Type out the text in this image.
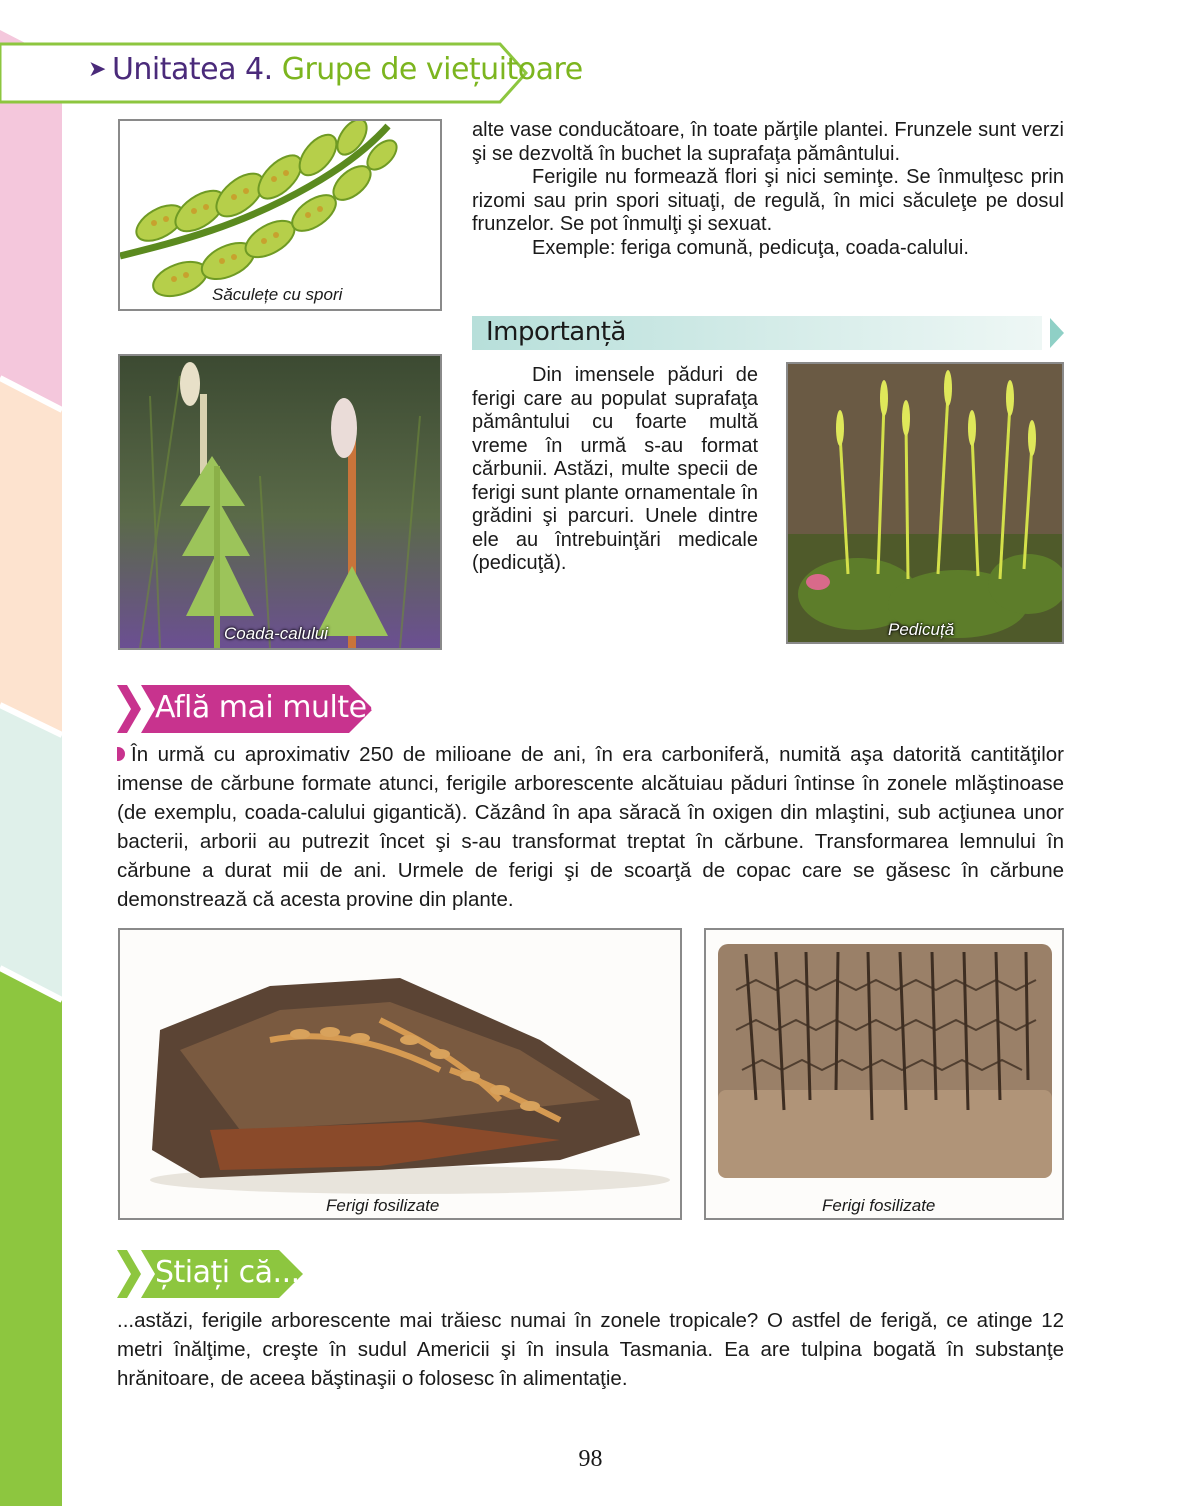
➤ Unitatea 4. Grupe de viețuitoare
Săculețe cu spori

alte vase conducătoare, în toate părţile plantei. Frunzele sunt verzi şi se dezvoltă în buchet la suprafaţa pământului.

Ferigile nu formează flori şi nici seminţe. Se înmulţesc prin rizomi sau prin spori situaţi, de regulă, în mici săculeţe pe dosul frunzelor. Se pot înmulţi şi sexuat.

Exemple: feriga comună, pedicuţa, coada-calului.

Importanță
Coada-calului

Din imensele păduri de ferigi care au populat suprafaţa pământului cu foarte multă vreme în urmă s-au format cărbunii. Astăzi, multe specii de ferigi sunt plante ornamentale în grădini şi parcuri. Unele dintre ele au întrebuinţări medicale (pedicuţă).

Pedicuță
Află mai multe!
În urmă cu aproximativ 250 de milioane de ani, în era carboniferă, numită aşa datorită cantităţilor imense de cărbune formate atunci, ferigile arborescente alcătuiau păduri întinse în zonele mlăştinoase (de exemplu, coada-calului gigantică). Căzând în apa săracă în oxigen din mlaştini, sub acţiunea unor bacterii, arborii au putrezit încet şi s-au transformat treptat în cărbune. Transformarea lemnului în cărbune a durat mii de ani. Urmele de ferigi şi de scoarţă de copac care se găsesc în cărbune demonstrează că acesta provine din plante.
Ferigi fosilizate	Ferigi fosilizate
Știați că...

...astăzi, ferigile arborescente mai trăiesc numai în zonele tropicale? O astfel de ferigă, ce atinge 12 metri înălţime, creşte în sudul Americii şi în insula Tasmania. Ea are tulpina bogată în substanţe hrănitoare, de aceea băştinaşii o folosesc în alimentaţie.

98
